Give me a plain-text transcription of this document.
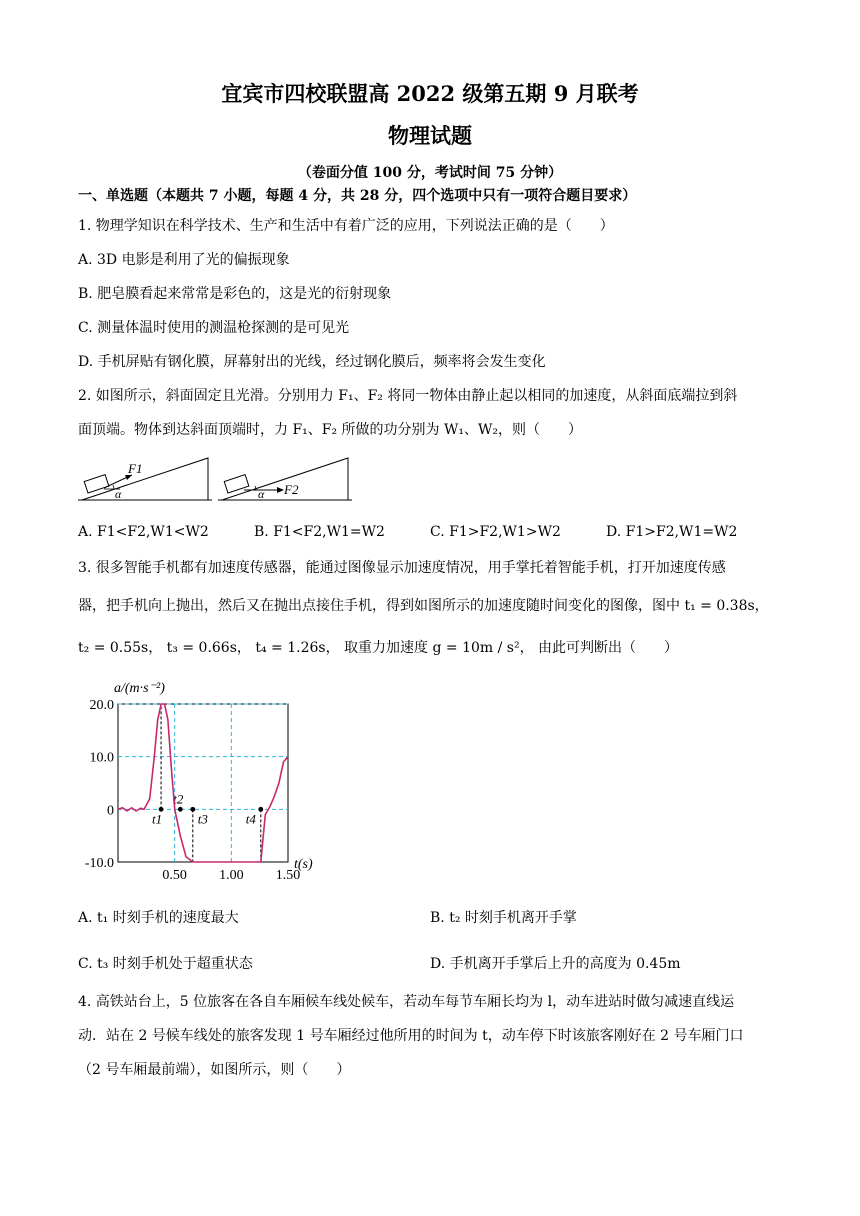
宜宾市四校联盟高 2022 级第五期 9 月联考
物理试题
（卷面分值 100 分，考试时间 75 分钟）
一、单选题（本题共 7 小题，每题 4 分，共 28 分，四个选项中只有一项符合题目要求）
1. 物理学知识在科学技术、生产和生活中有着广泛的应用，下列说法正确的是（　　）
A. 3D 电影是利用了光的偏振现象
B. 肥皂膜看起来常常是彩色的，这是光的衍射现象
C. 测量体温时使用的测温枪探测的是可见光
D. 手机屏贴有钢化膜，屏幕射出的光线，经过钢化膜后，频率将会发生变化
2. 如图所示，斜面固定且光滑。分别用力 F₁、F₂ 将同一物体由静止起以相同的加速度，从斜面底端拉到斜
面顶端。物体到达斜面顶端时，力 F₁、F₂ 所做的功分别为 W₁、W₂，则（　　）
α
F1
α F2
A. F1<F2,W1<W2	B. F1<F2,W1=W2	C. F1>F2,W1>W2	D. F1>F2,W1=W2
3. 很多智能手机都有加速度传感器，能通过图像显示加速度情况，用手掌托着智能手机，打开加速度传感
器，把手机向上抛出，然后又在抛出点接住手机，得到如图所示的加速度随时间变化的图像，图中 t₁ = 0.38s，
t₂ = 0.55s， t₃ = 0.66s， t₄ = 1.26s， 取重力加速度 g = 10m / s²， 由此可判断出（　　）
a/(m·s⁻²)
t(s)
20.0
10.0
0
-10.0
0.50 1.00 1.50
t1
t2
t3	t4
A. t₁ 时刻手机的速度最大	B. t₂ 时刻手机离开手掌
C. t₃ 时刻手机处于超重状态	D. 手机离开手掌后上升的高度为 0.45m
4. 高铁站台上，5 位旅客在各自车厢候车线处候车，若动车每节车厢长均为 l，动车进站时做匀减速直线运
动．站在 2 号候车线处的旅客发现 1 号车厢经过他所用的时间为 t，动车停下时该旅客刚好在 2 号车厢门口
（2 号车厢最前端），如图所示，则（　　）
